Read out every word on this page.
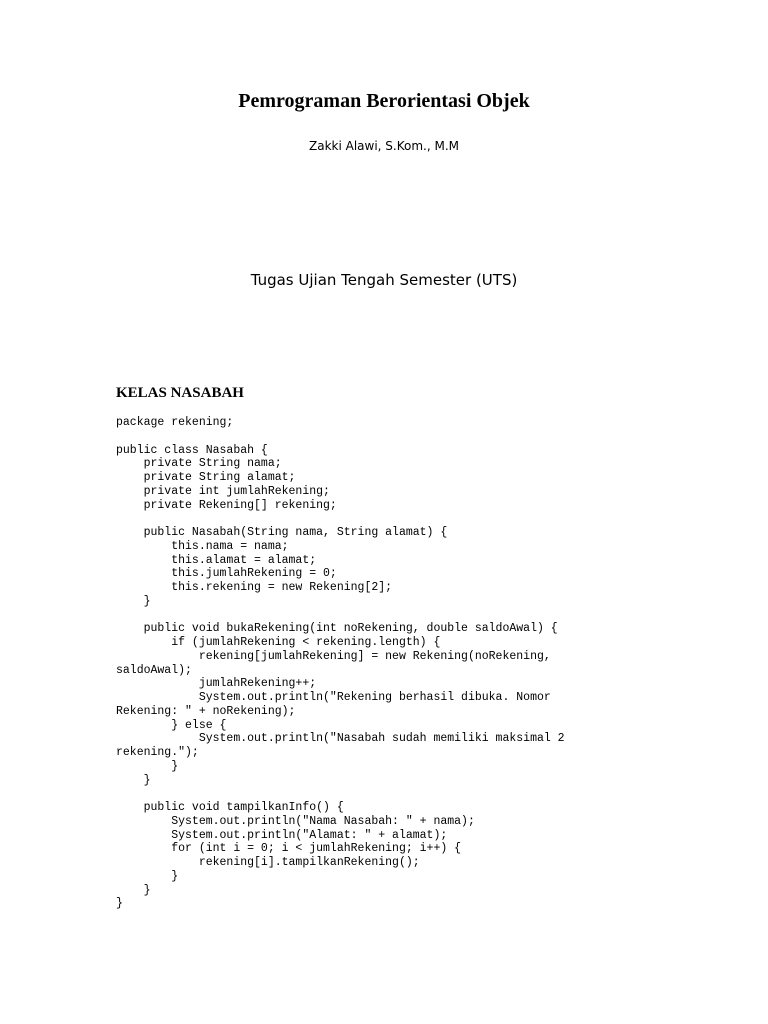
Pemrograman Berorientasi Objek
Zakki Alawi, S.Kom., M.M
Tugas Ujian Tengah Semester (UTS)
KELAS NASABAH
package rekening;
public class Nasabah {
private String nama;
private String alamat;
private int jumlahRekening;
private Rekening[] rekening;
public Nasabah(String nama, String alamat) {
this.nama = nama;
this.alamat = alamat;
this.jumlahRekening = 0;
this.rekening = new Rekening[2];
}
public void bukaRekening(int noRekening, double saldoAwal) {
if (jumlahRekening < rekening.length) {
rekening[jumlahRekening] = new Rekening(noRekening,
saldoAwal);
jumlahRekening++;
System.out.println("Rekening berhasil dibuka. Nomor
Rekening: " + noRekening);
} else {
System.out.println("Nasabah sudah memiliki maksimal 2
rekening.");
}
}
public void tampilkanInfo() {
System.out.println("Nama Nasabah: " + nama);
System.out.println("Alamat: " + alamat);
for (int i = 0; i < jumlahRekening; i++) {
rekening[i].tampilkanRekening();
}
}
}
